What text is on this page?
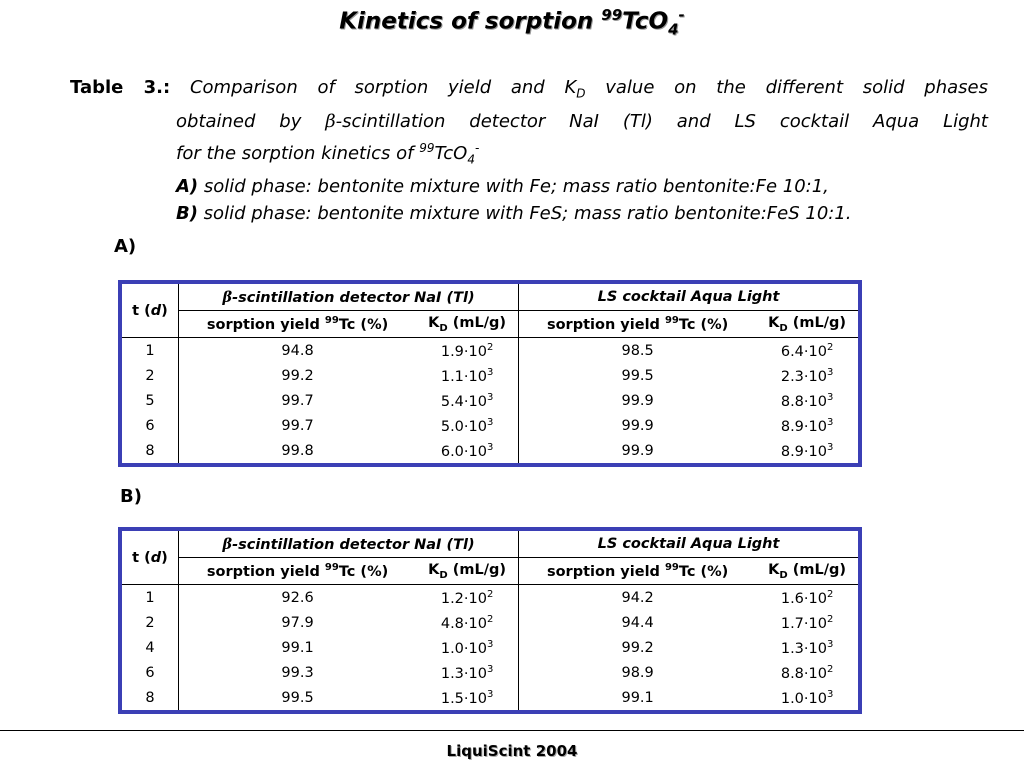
Kinetics of sorption $^{99}$TcO$_4$-
Table 3.: Comparison of sorption yield and $K_D$ value on the different solid phases
obtained by β-scintillation detector NaI (Tl) and LS cocktail Aqua Light
for the sorption kinetics of $^{99}$TcO$_4$-
A) solid phase: bentonite mixture with Fe; mass ratio bentonite:Fe 10:1,
B) solid phase: bentonite mixture with FeS; mass ratio bentonite:FeS 10:1.
A)
t (d)	β-scintillation detector NaI (Tl)		LS cocktail Aqua Light	
	sorption yield $^{99}$Tc (%)	$K_D$ (mL/g)	sorption yield $^{99}$Tc (%)	$K_D$ (mL/g)
1	94.8	$1.9\cdot 10^2$	98.5	$6.4\cdot 10^2$
2	99.2	$1.1\cdot 10^3$	99.5	$2.3\cdot 10^3$
5	99.7	$5.4\cdot 10^3$	99.9	$8.8\cdot 10^3$
6	99.7	$5.0\cdot 10^3$	99.9	$8.9\cdot 10^3$
8	99.8	$6.0\cdot 10^3$	99.9	$8.9\cdot 10^3$
B)
t (d)	β-scintillation detector NaI (Tl)		LS cocktail Aqua Light	
	sorption yield $^{99}$Tc (%)	$K_D$ (mL/g)	sorption yield $^{99}$Tc (%)	$K_D$ (mL/g)
1	92.6	$1.2\cdot 10^2$	94.2	$1.6\cdot 10^2$
2	97.9	$4.8\cdot 10^2$	94.4	$1.7\cdot 10^2$
4	99.1	$1.0\cdot 10^3$	99.2	$1.3\cdot 10^3$
6	99.3	$1.3\cdot 10^3$	98.9	$8.8\cdot 10^2$
8	99.5	$1.5\cdot 10^3$	99.1	$1.0\cdot 10^3$
LiquiScint 2004
